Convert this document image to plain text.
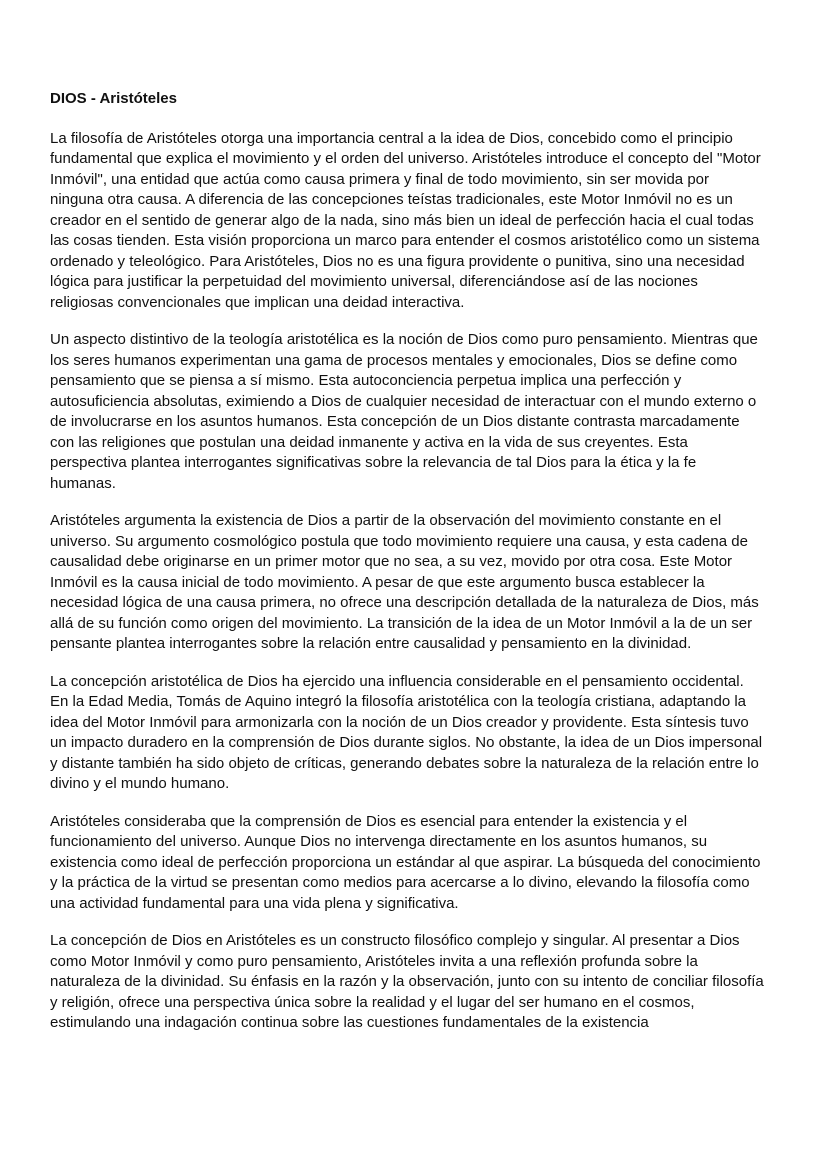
DIOS - Aristóteles

La filosofía de Aristóteles otorga una importancia central a la idea de Dios, concebido como el principio
fundamental que explica el movimiento y el orden del universo. Aristóteles introduce el concepto del "Motor
Inmóvil", una entidad que actúa como causa primera y final de todo movimiento, sin ser movida por
ninguna otra causa. A diferencia de las concepciones teístas tradicionales, este Motor Inmóvil no es un
creador en el sentido de generar algo de la nada, sino más bien un ideal de perfección hacia el cual todas
las cosas tienden. Esta visión proporciona un marco para entender el cosmos aristotélico como un sistema
ordenado y teleológico. Para Aristóteles, Dios no es una figura providente o punitiva, sino una necesidad
lógica para justificar la perpetuidad del movimiento universal, diferenciándose así de las nociones
religiosas convencionales que implican una deidad interactiva.

Un aspecto distintivo de la teología aristotélica es la noción de Dios como puro pensamiento. Mientras que
los seres humanos experimentan una gama de procesos mentales y emocionales, Dios se define como
pensamiento que se piensa a sí mismo. Esta autoconciencia perpetua implica una perfección y
autosuficiencia absolutas, eximiendo a Dios de cualquier necesidad de interactuar con el mundo externo o
de involucrarse en los asuntos humanos. Esta concepción de un Dios distante contrasta marcadamente
con las religiones que postulan una deidad inmanente y activa en la vida de sus creyentes. Esta
perspectiva plantea interrogantes significativas sobre la relevancia de tal Dios para la ética y la fe
humanas.

Aristóteles argumenta la existencia de Dios a partir de la observación del movimiento constante en el
universo. Su argumento cosmológico postula que todo movimiento requiere una causa, y esta cadena de
causalidad debe originarse en un primer motor que no sea, a su vez, movido por otra cosa. Este Motor
Inmóvil es la causa inicial de todo movimiento. A pesar de que este argumento busca establecer la
necesidad lógica de una causa primera, no ofrece una descripción detallada de la naturaleza de Dios, más
allá de su función como origen del movimiento. La transición de la idea de un Motor Inmóvil a la de un ser
pensante plantea interrogantes sobre la relación entre causalidad y pensamiento en la divinidad.

La concepción aristotélica de Dios ha ejercido una influencia considerable en el pensamiento occidental.
En la Edad Media, Tomás de Aquino integró la filosofía aristotélica con la teología cristiana, adaptando la
idea del Motor Inmóvil para armonizarla con la noción de un Dios creador y providente. Esta síntesis tuvo
un impacto duradero en la comprensión de Dios durante siglos. No obstante, la idea de un Dios impersonal
y distante también ha sido objeto de críticas, generando debates sobre la naturaleza de la relación entre lo
divino y el mundo humano.

Aristóteles consideraba que la comprensión de Dios es esencial para entender la existencia y el
funcionamiento del universo. Aunque Dios no intervenga directamente en los asuntos humanos, su
existencia como ideal de perfección proporciona un estándar al que aspirar. La búsqueda del conocimiento
y la práctica de la virtud se presentan como medios para acercarse a lo divino, elevando la filosofía como
una actividad fundamental para una vida plena y significativa.

La concepción de Dios en Aristóteles es un constructo filosófico complejo y singular. Al presentar a Dios
como Motor Inmóvil y como puro pensamiento, Aristóteles invita a una reflexión profunda sobre la
naturaleza de la divinidad. Su énfasis en la razón y la observación, junto con su intento de conciliar filosofía
y religión, ofrece una perspectiva única sobre la realidad y el lugar del ser humano en el cosmos,
estimulando una indagación continua sobre las cuestiones fundamentales de la existencia
